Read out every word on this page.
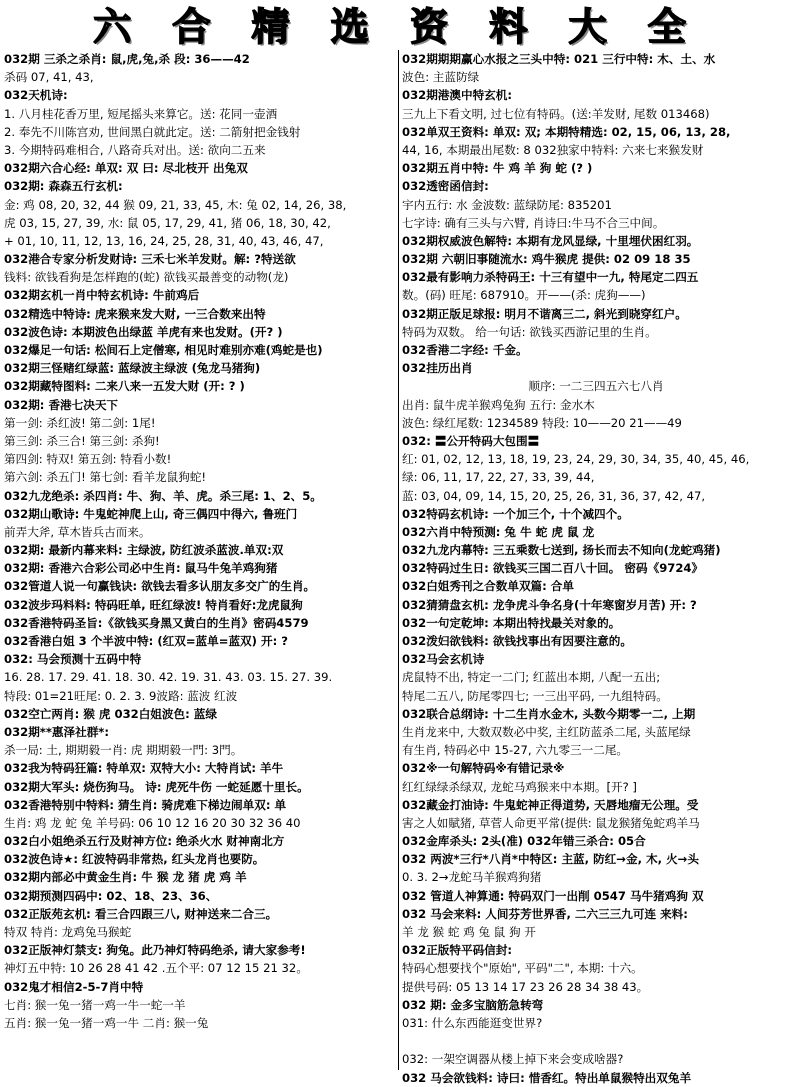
六 合 精 选 资 料 大 全
032期 三杀之杀肖: 鼠,虎,兔,杀 段: 36——42
杀码 07, 41, 43,
032天机诗:
1. 八月桂花香万里, 短尾摇头来算它。送: 花同一壶酒
2. 奉先不川陈宫劝, 世间黑白就此定。送: 二箭射把金钱射
3. 今期特码难相合, 八路奇兵对出。送: 欲向二五来
032期六合心经: 单双: 双 曰: 尽北枝开 出兔双
032期: 森森五行玄机:
金: 鸡 08, 20, 32, 44 猴 09, 21, 33, 45, 木: 兔 02, 14, 26, 38,
虎 03, 15, 27, 39, 水: 鼠 05, 17, 29, 41, 猪 06, 18, 30, 42,
+ 01, 10, 11, 12, 13, 16, 24, 25, 28, 31, 40, 43, 46, 47,
032港合专家分析发财诗: 三禾七米羊发财。解: ?特送欲
钱料: 欲钱看狗是怎样跑的(蛇) 欲钱买最善变的动物(龙)
032期玄机一肖中特玄机诗: 牛前鸡后
032精选中特诗: 虎来猴来发大财, 一三合数来出特
032波色诗: 本期波色出绿蓝 羊虎有来也发财。(开? )
032爆足一句话: 松间石上定僧寒, 相见时难别亦难(鸡蛇是也)
032期三怪赌红绿蓝: 蓝绿波主绿波 (兔龙马猪狗)
032期藏特图料: 二来八来一五发大财 (开: ? )
032期: 香港七决天下
第一剑: 杀红波! 第二剑: 1尾!
第三剑: 杀三合! 第三剑: 杀狗!
第四剑: 特双! 第五剑: 特看小数!
第六剑: 杀五门! 第七剑: 看羊龙鼠狗蛇!
032九龙绝杀: 杀四肖: 牛、狗、羊、虎。杀三尾: 1、2、5。
032期山歌诗: 牛鬼蛇神爬上山, 奇三偶四中得六, 鲁班门
前弄大斧, 草木皆兵古而来。
032期: 最新内幕来料: 主绿波, 防红波杀蓝波.单双:双
032期: 香港六合彩公司必中生肖: 鼠马牛兔羊鸡狗猪
032管道人说一句赢钱诀: 欲钱去看多认朋友多交广的生肖。
032波步玛料料: 特码旺单, 旺红绿波! 特肖看好:龙虎鼠狗
032香港特码圣旨:《欲钱买身黑又黄白的生肖》密码4579
032香港白姐 3 个半波中特: (红双=蓝单=蓝双) 开: ?
032: 马会预测十五码中特
16. 28. 17. 29. 41. 18. 30. 42. 19. 31. 43. 03. 15. 27. 39.
特段: 01=21旺尾: 0. 2. 3. 9波路: 蓝波 红波
032空亡两肖: 猴 虎 032白姐波色: 蓝绿
032期**惠泽社群*:
杀一局: 土, 期期毅一肖: 虎 期期毅一門: 3門。
032我为特码狂篇: 特单双: 双特大小: 大特肖试: 羊牛
032期大军头: 烧伤狗马。 诗: 虎死牛伤 一蛇延愿十里长。
032香港特别中特料: 猜生肖: 骑虎难下梯边闹单双: 单
生肖: 鸡 龙 蛇 兔 羊号码: 06 10 12 16 20 30 32 36 40
032白小姐绝杀五行及财神方位: 绝杀火水 财神南北方
032波色诗★: 红波特码非常热, 红头龙肖也要防。
032期内部必中黄金生肖: 牛 猴 龙 猪 虎 鸡 羊
032期预测四码中: 02、18、23、36、
032正版苑玄机: 看三合四跟三八, 财神送来二合三。
特双 特肖: 龙鸡兔马猴蛇
032正版神灯禁支: 狗兔。此乃神灯特码绝杀, 请大家参考!
神灯五中特: 10 26 28 41 42 .五个平: 07 12 15 21 32。
032鬼才相信2-5-7肖中特
七肖: 猴一兔一猪一鸡一牛一蛇一羊
五肖: 猴一兔一猪一鸡一牛 二肖: 猴一兔
032期期期赢心水报之三头中特: 021 三行中特: 木、土、水
波色: 主蓝防绿
032期港澳中特玄机:
三九上下看文明, 过七位有特码。(送:羊发财, 尾数 013468)
032单双王资料: 单双: 双; 本期特精选: 02, 15, 06, 13, 28,
44, 16, 本期最出尾数: 8 032独家中特料: 六来七来猴发财
032期五肖中特: 牛 鸡 羊 狗 蛇 (? )
032透密函信封:
宇内五行: 水 金波数: 蓝绿防尾: 835201
七字诗: 确有三头与六臂, 肖诗曰:牛马不合三中间。
032期权威波色解特: 本期有龙风显绿, 十里埋伏困红羽。
032期 六朝旧事随流水: 鸡牛猴虎 提供: 02 09 18 35
032最有影响力杀特码王: 十三有望中一九, 特尾定二四五
数。(码) 旺尾: 687910。开——(杀: 虎狗——)
032期正版足球报: 明月不谐离三二, 斜光到晓穿红户。
特码为双数。 给一句话: 欲钱买西游记里的生肖。
032香港二字经: 千金。
032挂历出肖
顺序: 一二三四五六七八肖
出肖: 鼠牛虎羊猴鸡兔狗 五行: 金水木
波色: 绿红尾数: 1234589 特段: 10——20 21——49
032: 〓公开特码大包围〓
红: 01, 02, 12, 13, 18, 19, 23, 24, 29, 30, 34, 35, 40, 45, 46,
绿: 06, 11, 17, 22, 27, 33, 39, 44,
蓝: 03, 04, 09, 14, 15, 20, 25, 26, 31, 36, 37, 42, 47,
032特码玄机诗: 一个加三个, 十个减四个。
032六肖中特预测: 兔 牛 蛇 虎 鼠 龙
032九龙内幕特: 三五乘数七送到, 扬长而去不知向(龙蛇鸡猪)
032特码过生日: 欲钱买三国二百八十回。 密码《9724》
032白姐秀刊之合数单双篇: 合单
032猜猜盘玄机: 龙争虎斗争名身(十年寒窗岁月苦) 开: ?
032一句定乾坤: 本期出特找最关对象的。
032泼妇欲钱料: 欲钱找事出有因要注意的。
032马会玄机诗
虎鼠特不出, 特定一二门; 红蓝出本期, 八配一五出;
特尾二五八, 防尾零四七; 一三出平码, 一九组特码。
032联合总纲诗: 十二生肖水金木, 头数今期零一二, 上期
生肖龙来中, 大数双数必中奖, 主红防蓝杀二尾, 头蓝尾绿
有生肖, 特码必中 15-27, 六九零三一二尾。
032※一句解特码※有错记录※
红红绿绿杀绿双, 龙蛇马鸡猴来中本期。[开? ]
032藏金打油诗: 牛鬼蛇神正得道势, 天唇地瘤无公理。受
害之人如賦猪, 草菅人命更平常(提供: 鼠龙猴猪兔蛇鸡羊马
032金库杀头: 2头(准) 032年错三杀合: 05合
032 两波*三行*八肖*中特区: 主蓝, 防红→金, 木, 火→头
0. 3. 2→龙蛇马羊猴鸡狗猪
032 管道人神算通: 特码双门一出削 0547 马牛猪鸡狗 双
032 马会来料: 人间芬芳世界香, 二六三三九可连 来料:
羊 龙 猴 蛇 鸡 兔 鼠 狗 开
032正版特平码信封:
特码心想要找个"原始", 平码"二", 本期: 十六。
提供号码: 05 13 14 17 23 26 28 34 38 43。
032 期: 金多宝脑筋急转弯
031: 什么东西能逛变世界?
032: 一架空调器从楼上掉下来会变成啥器?
032 马会欲钱料: 诗曰: 惜香红。特出单鼠猴特出双兔羊
